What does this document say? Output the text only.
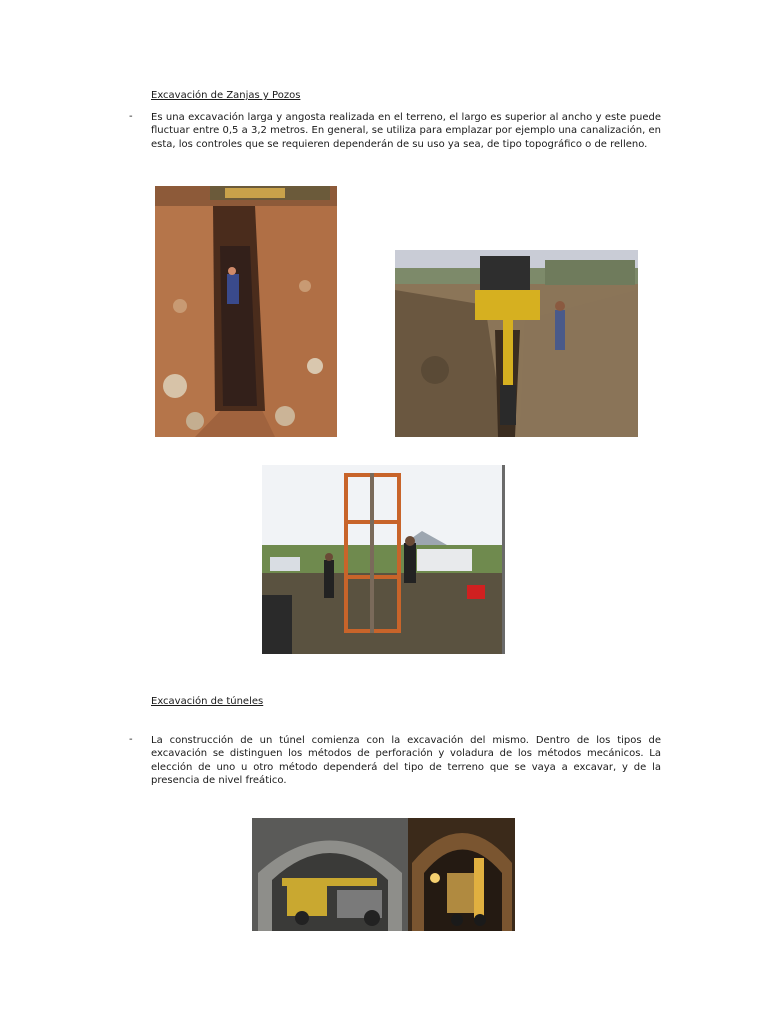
Excavación de Zanjas y Pozos
- Es una excavación larga y angosta realizada en el terreno, el largo es superior al ancho y este puede fluctuar entre 0,5 a 3,2 metros. En general, se utiliza para emplazar por ejemplo una canalización, en esta, los controles que se requieren dependerán de su uso ya sea, de tipo topográfico o de relleno.

Excavación de túneles
- La construcción de un túnel comienza con la excavación del mismo. Dentro de los tipos de excavación se distinguen los métodos de perforación y voladura de los métodos mecánicos. La elección de uno u otro método dependerá del tipo de terreno que se vaya a excavar, y de la presencia de nivel freático.
